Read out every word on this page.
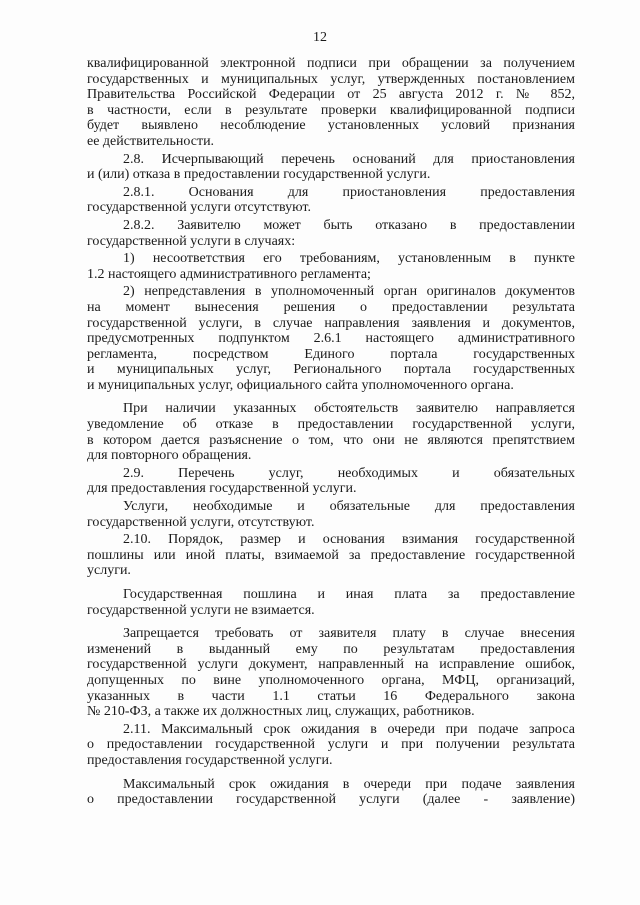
12
квалифицированной электронной подписи при обращении за получением
государственных и муниципальных услуг, утвержденных постановлением
Правительства Российской Федерации от 25 августа 2012 г. № 852,
в частности, если в результате проверки квалифицированной подписи
будет выявлено несоблюдение установленных условий признания
ее действительности.
2.8. Исчерпывающий перечень оснований для приостановления
и (или) отказа в предоставлении государственной услуги.
2.8.1. Основания для приостановления предоставления
государственной услуги отсутствуют.
2.8.2. Заявителю может быть отказано в предоставлении
государственной услуги в случаях:
1) несоответствия его требованиям, установленным в пункте
1.2 настоящего административного регламента;
2) непредставления в уполномоченный орган оригиналов документов
на момент вынесения решения о предоставлении результата
государственной услуги, в случае направления заявления и документов,
предусмотренных подпунктом 2.6.1 настоящего административного
регламента, посредством Единого портала государственных
и муниципальных услуг, Регионального портала государственных
и муниципальных услуг, официального сайта уполномоченного органа.
При наличии указанных обстоятельств заявителю направляется
уведомление об отказе в предоставлении государственной услуги,
в котором дается разъяснение о том, что они не являются препятствием
для повторного обращения.
2.9. Перечень услуг, необходимых и обязательных
для предоставления государственной услуги.
Услуги, необходимые и обязательные для предоставления
государственной услуги, отсутствуют.
2.10. Порядок, размер и основания взимания государственной
пошлины или иной платы, взимаемой за предоставление государственной
услуги.
Государственная пошлина и иная плата за предоставление
государственной услуги не взимается.
Запрещается требовать от заявителя плату в случае внесения
изменений в выданный ему по результатам предоставления
государственной услуги документ, направленный на исправление ошибок,
допущенных по вине уполномоченного органа, МФЦ, организаций,
указанных в части 1.1 статьи 16 Федерального закона
№ 210-ФЗ, а также их должностных лиц, служащих, работников.
2.11. Максимальный срок ожидания в очереди при подаче запроса
о предоставлении государственной услуги и при получении результата
предоставления государственной услуги.
Максимальный срок ожидания в очереди при подаче заявления
о предоставлении государственной услуги (далее - заявление)
